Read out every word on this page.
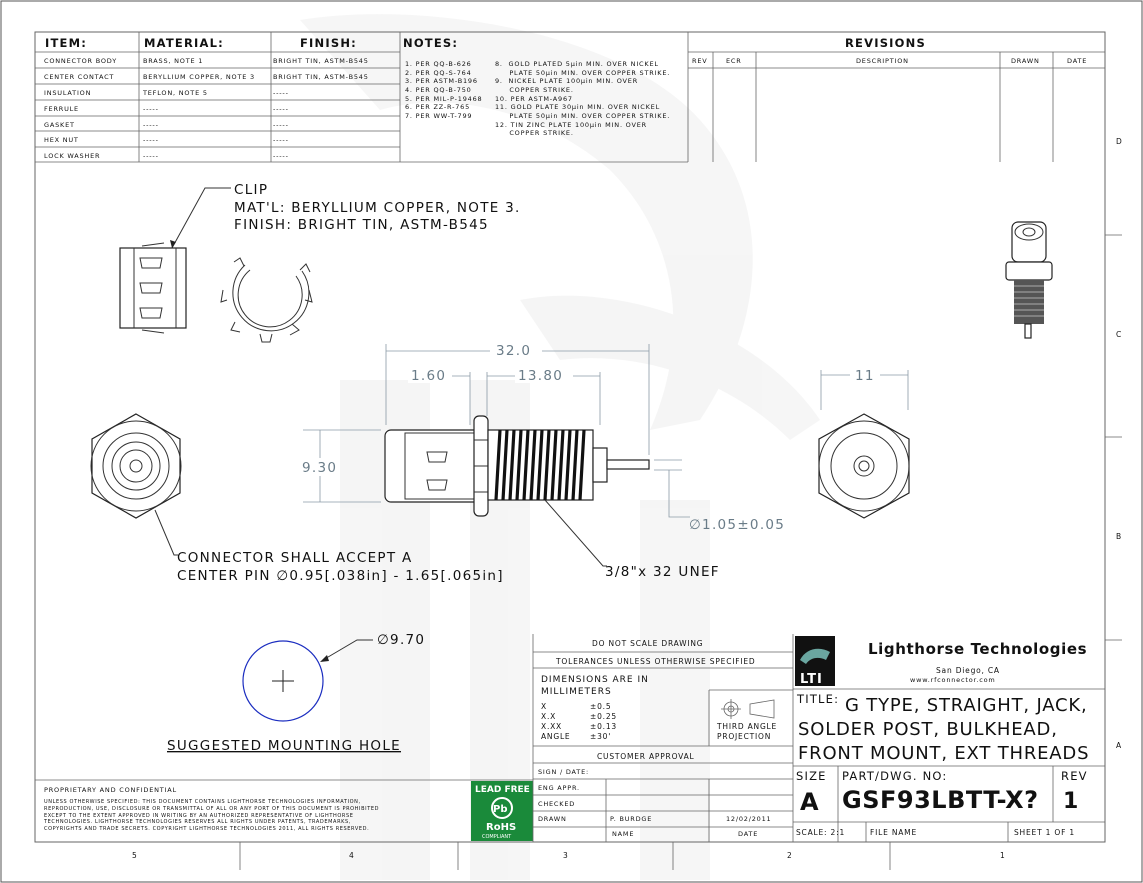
D
C
B
A
5	4	3	2	1
ITEM:	MATERIAL:	FINISH:	NOTES:
CONNECTOR BODY	BRASS, NOTE 1	BRIGHT TIN, ASTM-B545
CENTER CONTACT	BERYLLIUM COPPER, NOTE 3	BRIGHT TIN, ASTM-B545
INSULATION	TEFLON, NOTE 5	-----
FERRULE	-----	-----
GASKET	-----	-----
HEX NUT	-----	-----
LOCK WASHER	-----	-----
1. PER QQ-B-626
2. PER QQ-S-764
3. PER ASTM-B196
4. PER QQ-B-750
5. PER MIL-P-19468
6. PER ZZ-R-765
7. PER WW-T-799
8.  GOLD PLATED 5µin MIN. OVER NICKEL
PLATE 50µin MIN. OVER COPPER STRIKE.
9.  NICKEL PLATE 100µin MIN. OVER
COPPER STRIKE.
10. PER ASTM-A967
11. GOLD PLATE 30µin MIN. OVER NICKEL
PLATE 50µin MIN. OVER COPPER STRIKE.
12. TIN ZINC PLATE 100µin MIN. OVER
COPPER STRIKE.
REVISIONS
REV	ECR	DESCRIPTION	DRAWN	DATE
CLIP
MAT'L: BERYLLIUM COPPER, NOTE 3.
FINISH: BRIGHT TIN, ASTM-B545
CONNECTOR SHALL ACCEPT A
CENTER PIN ∅0.95[.038in] - 1.65[.065in]
32.0
1.60	13.80
9.30
∅1.05±0.05
3/8"x 32 UNEF
11
∅9.70
SUGGESTED MOUNTING HOLE
PROPRIETARY AND CONFIDENTIAL
UNLESS OTHERWISE SPECIFIED: THIS DOCUMENT CONTAINS LIGHTHORSE TECHNOLOGIES INFORMATION,
REPRODUCTION, USE, DISCLOSURE OR TRANSMITTAL OF ALL OR ANY PORT OF THIS DOCUMENT IS PROHIBITED
EXCEPT TO THE EXTENT APPROVED IN WRITING BY AN AUTHORIZED REPRESENTATIVE OF LIGHTHORSE
TECHNOLOGIES. LIGHTHORSE TECHNOLOGIES RESERVES ALL RIGHTS UNDER PATENTS, TRADEMARKS,
COPYRIGHTS AND TRADE SECRETS. COPYRIGHT LIGHTHORSE TECHNOLOGIES 2011, ALL RIGHTS RESERVED.
LEAD FREE
Pb
RoHS
COMPLIANT
DO NOT SCALE DRAWING
TOLERANCES UNLESS OTHERWISE SPECIFIED
DIMENSIONS ARE IN
MILLIMETERS
X	±0.5
X.X	±0.25
X.XX	±0.13
ANGLE	±30'
THIRD ANGLE
PROJECTION
CUSTOMER APPROVAL
SIGN / DATE:
ENG APPR.
CHECKED
DRAWN	P. BURDGE	12/02/2011
NAME	DATE
LTI
Lighthorse Technologies
San Diego, CA
www.rfconnector.com
TITLE: G TYPE, STRAIGHT, JACK,
SOLDER POST, BULKHEAD,
FRONT MOUNT, EXT THREADS
SIZE
A
PART/DWG. NO:
GSF93LBTT-X?
REV
1
SCALE: 2:1	FILE NAME	SHEET 1 OF 1
